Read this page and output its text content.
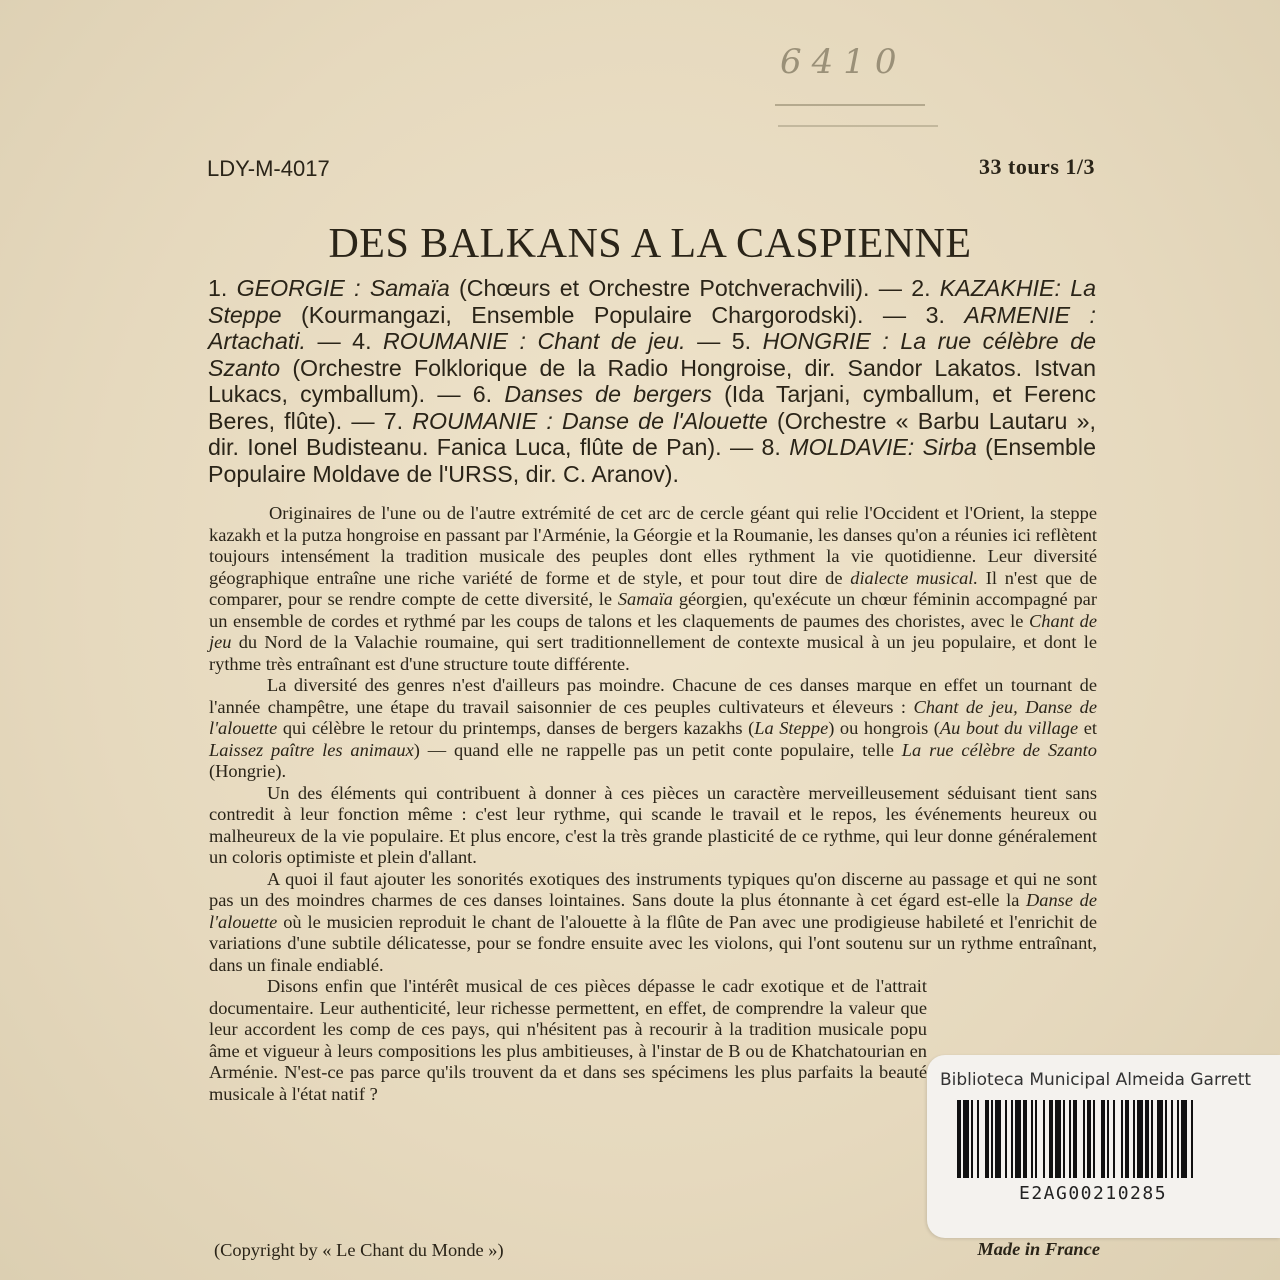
6410
LDY-M-4017	33 tours 1/3
DES BALKANS A LA CASPIENNE
1. GEORGIE : Samaïa (Chœurs et Orchestre Potchverachvili). — 2. KAZAKHIE: La Steppe (Kourmangazi, Ensemble Populaire Chargorodski). — 3. ARMENIE : Artachati. — 4. ROUMANIE : Chant de jeu. — 5. HONGRIE : La rue célèbre de Szanto (Orchestre Folklorique de la Radio Hongroise, dir. Sandor Lakatos. Istvan Lukacs, cymballum). — 6. Danses de bergers (Ida Tarjani, cymballum, et Ferenc Beres, flûte). — 7. ROUMANIE : Danse de l'Alouette (Orchestre « Barbu Lautaru », dir. Ionel Budisteanu. Fanica Luca, flûte de Pan). — 8. MOLDAVIE: Sirba (Ensemble Populaire Moldave de l'URSS, dir. C. Aranov).

Originaires de l'une ou de l'autre extrémité de cet arc de cercle géant qui relie l'Occident et l'Orient, la steppe kazakh et la putza hongroise en passant par l'Arménie, la Géorgie et la Roumanie, les danses qu'on a réunies ici reflètent toujours intensément la tradition musicale des peuples dont elles rythment la vie quotidienne. Leur diversité géographique entraîne une riche variété de forme et de style, et pour tout dire de dialecte musical. Il n'est que de comparer, pour se rendre compte de cette diversité, le Samaïa géorgien, qu'exécute un chœur féminin accompagné par un ensemble de cordes et rythmé par les coups de talons et les claquements de paumes des choristes, avec le Chant de jeu du Nord de la Valachie roumaine, qui sert traditionnellement de contexte musical à un jeu populaire, et dont le rythme très entraînant est d'une structure toute différente.

La diversité des genres n'est d'ailleurs pas moindre. Chacune de ces danses marque en effet un tournant de l'année champêtre, une étape du travail saisonnier de ces peuples cultivateurs et éleveurs : Chant de jeu, Danse de l'alouette qui célèbre le retour du printemps, danses de bergers kazakhs (La Steppe) ou hongrois (Au bout du village et Laissez paître les animaux) — quand elle ne rappelle pas un petit conte populaire, telle La rue célèbre de Szanto (Hongrie).

Un des éléments qui contribuent à donner à ces pièces un caractère merveilleusement séduisant tient sans contredit à leur fonction même : c'est leur rythme, qui scande le travail et le repos, les événements heureux ou malheureux de la vie populaire. Et plus encore, c'est la très grande plasticité de ce rythme, qui leur donne généralement un coloris optimiste et plein d'allant.

A quoi il faut ajouter les sonorités exotiques des instruments typiques qu'on discerne au passage et qui ne sont pas un des moindres charmes de ces danses lointaines. Sans doute la plus étonnante à cet égard est-elle la Danse de l'alouette où le musicien reproduit le chant de l'alouette à la flûte de Pan avec une prodigieuse habileté et l'enrichit de variations d'une subtile délicatesse, pour se fondre ensuite avec les violons, qui l'ont soutenu sur un rythme entraînant, dans un finale endiablé.

Disons enfin que l'intérêt musical de ces pièces dépasse le cadr exotique et de l'attrait documentaire. Leur authenticité, leur richesse permettent, en effet, de comprendre la valeur que leur accordent les comp de ces pays, qui n'hésitent pas à recourir à la tradition musicale popu âme et vigueur à leurs compositions les plus ambitieuses, à l'instar de B ou de Khatchatourian en Arménie. N'est-ce pas parce qu'ils trouvent da et dans ses spécimens les plus parfaits la beauté musicale à l'état natif ?

(Copyright by « Le Chant du Monde »)	Made in France
Biblioteca Municipal Almeida Garrett
E2AG00210285
